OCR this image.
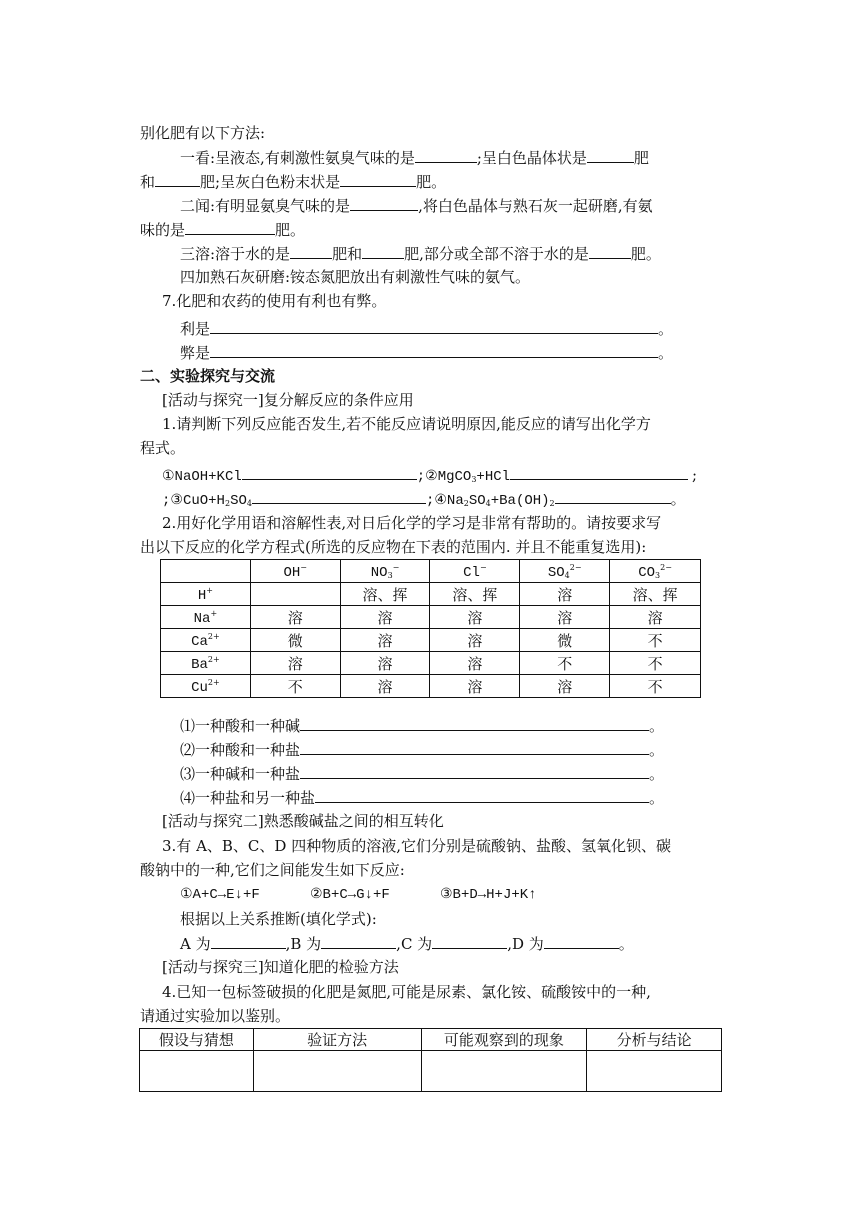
别化肥有以下方法:
一看:呈液态,有刺激性氨臭气味的是	;呈白色晶体状是	肥
和	肥;呈灰白色粉末状是	肥。
二闻:有明显氨臭气味的是	,将白色晶体与熟石灰一起研磨,有氨
味的是	肥。
三溶:溶于水的是	肥和	肥,部分或全部不溶于水的是	肥。
四加熟石灰研磨:铵态氮肥放出有刺激性气味的氨气。
7.化肥和农药的使用有利也有弊。
利是	。
弊是	。
二、实验探究与交流
[活动与探究一]复分解反应的条件应用
1.请判断下列反应能否发生,若不能反应请说明原因,能反应的请写出化学方
程式。
①NaOH+KCl	;②MgCO$_3$+HCl	;
$;③CuO+H_2SO_4$	$;④Na_2SO_4+Ba(OH)_2$	。
2.用好化学用语和溶解性表,对日后化学的学习是非常有帮助的。请按要求写
出以下反应的化学方程式(所选的反应物在下表的范围内. 并且不能重复选用):
	OH−	$NO_3^-$	Cl−	$SO_4^{2-}$	$CO_3^{2-}$
H+		溶、挥	溶、挥	溶	溶、挥
Na+	溶	溶	溶	溶	溶
$Ca^{2+}$	微	溶	溶	微	不
$Ba^{2+}$	溶	溶	溶	不	不
$Cu^{2+}$	不	溶	溶	溶	不
⑴一种酸和一种碱	。
⑵一种酸和一种盐	。
⑶一种碱和一种盐	。
⑷一种盐和另一种盐	。
[活动与探究二]熟悉酸碱盐之间的相互转化
3.有 A、B、C、D 四种物质的溶液,它们分别是硫酸钠、盐酸、氢氧化钡、碳
酸钠中的一种,它们之间能发生如下反应:
①A+C→E↓+F	②B+C→G↓+F	③B+D→H+J+K↑
根据以上关系推断(填化学式):
A 为	,B 为	,C 为	,D 为	。
[活动与探究三]知道化肥的检验方法
4.已知一包标签破损的化肥是氮肥,可能是尿素、氯化铵、硫酸铵中的一种,
请通过实验加以鉴别。
假设与猜想	验证方法	可能观察到的现象	分析与结论
